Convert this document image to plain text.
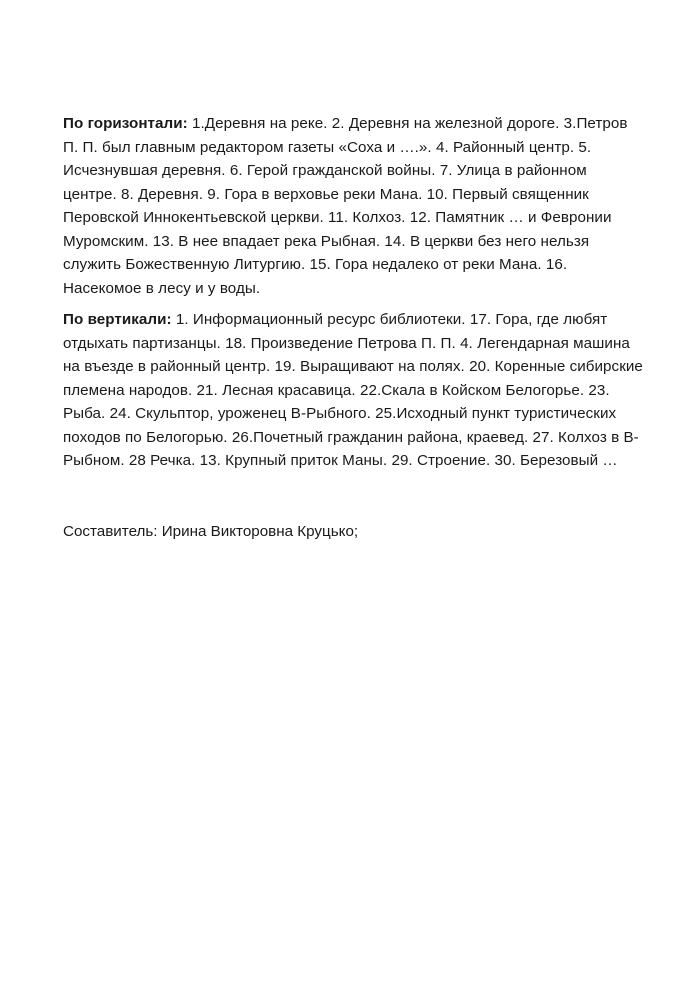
По горизонтали: 1.Деревня на реке. 2. Деревня на железной дороге. 3.Петров П. П. был главным редактором газеты «Соха и ….». 4. Районный центр. 5. Исчезнувшая деревня. 6. Герой гражданской войны. 7. Улица в районном центре. 8. Деревня. 9. Гора в верховье реки Мана. 10. Первый священник Перовской Иннокентьевской церкви. 11. Колхоз. 12. Памятник … и Февронии Муромским. 13. В нее впадает река Рыбная. 14. В церкви без него нельзя служить Божественную Литургию. 15. Гора недалеко от реки Мана. 16. Насекомое в лесу и у воды.

По вертикали: 1. Информационный ресурс библиотеки. 17. Гора, где любят отдыхать партизанцы. 18. Произведение Петрова П. П. 4. Легендарная машина на въезде в районный центр. 19. Выращивают на полях. 20. Коренные сибирские племена народов. 21. Лесная красавица. 22.Скала в Койском Белогорье. 23. Рыба. 24. Скульптор, уроженец В-Рыбного. 25.Исходный пункт туристических походов по Белогорью. 26.Почетный гражданин района, краевед. 27. Колхоз в В-Рыбном. 28 Речка. 13. Крупный приток Маны. 29. Строение. 30. Березовый …

Составитель: Ирина Викторовна Круцько;
